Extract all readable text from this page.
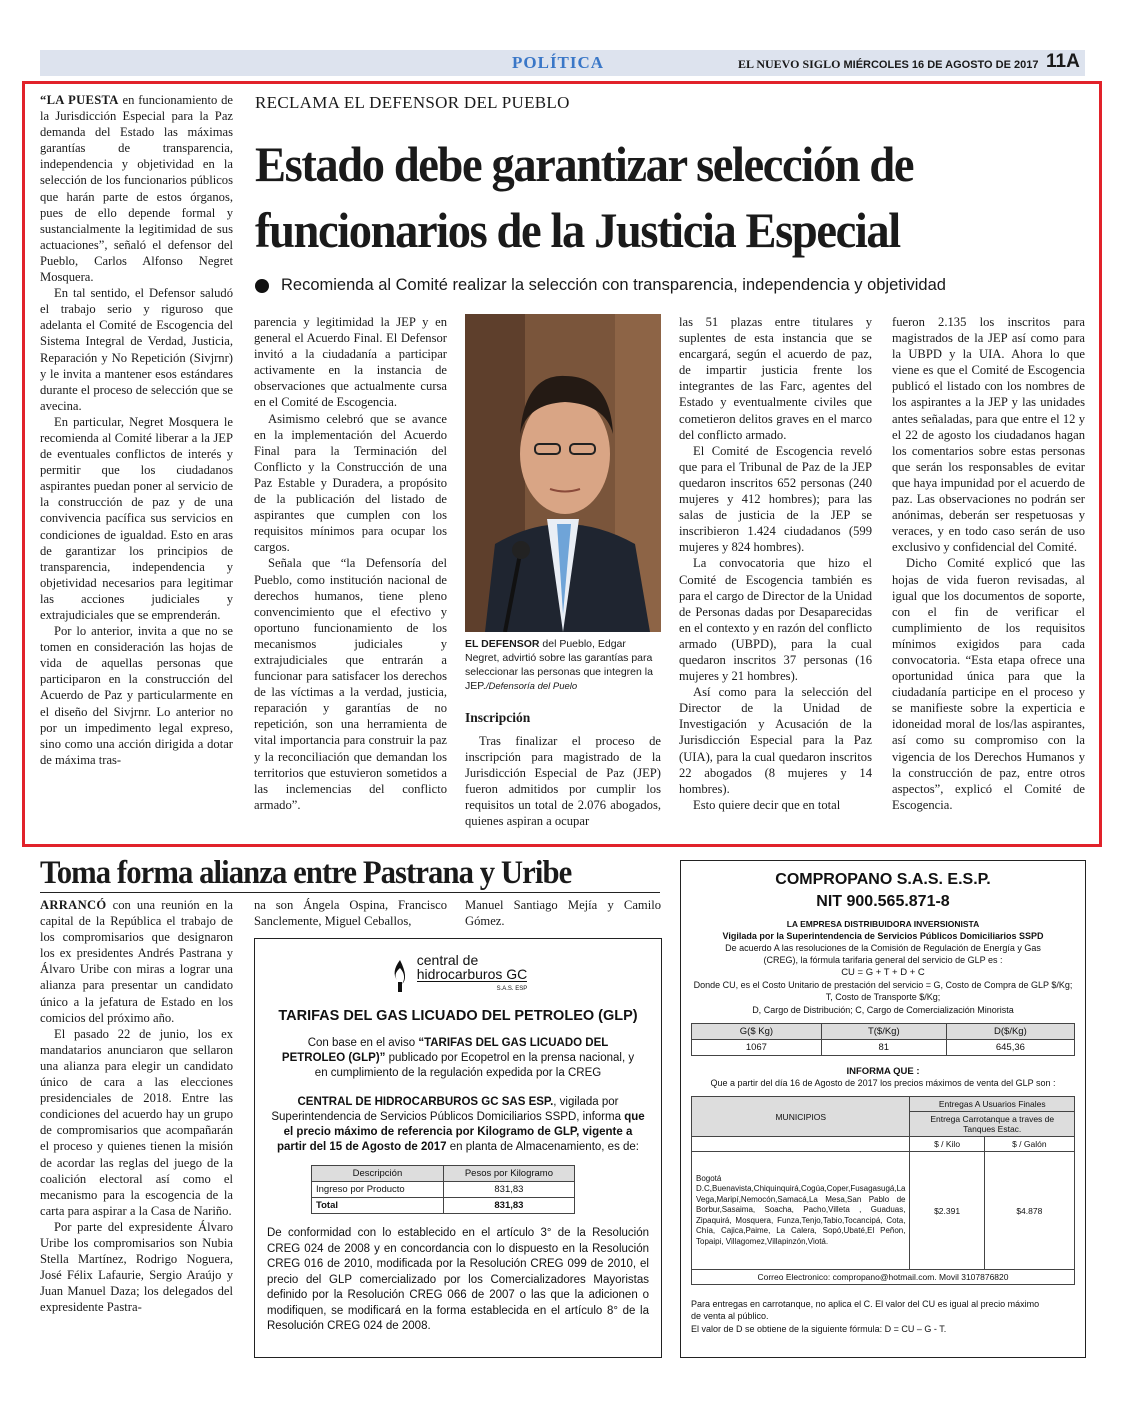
POLÍTICA	EL NUEVO SIGLO MIÉRCOLES 16 DE AGOSTO DE 2017 11A
RECLAMA EL DEFENSOR DEL PUEBLO
Estado debe garantizar selección de
funcionarios de la Justicia Especial
Recomienda al Comité realizar la selección con transparencia, independencia y objetividad

“LA PUESTA en funcionamiento de la Jurisdicción Especial para la Paz demanda del Estado las máximas garantías de transparencia, independencia y objetividad en la selección de los funcionarios públicos que harán parte de estos órganos, pues de ello depende formal y sustancialmente la legitimidad de sus actuaciones”, señaló el defensor del Pueblo, Carlos Alfonso Negret Mosquera.

En tal sentido, el Defensor saludó el trabajo serio y riguroso que adelanta el Comité de Escogencia del Sistema Integral de Verdad, Justicia, Reparación y No Repetición (Sivjrnr) y le invita a mantener esos estándares durante el proceso de selección que se avecina.

En particular, Negret Mosquera le recomienda al Comité liberar a la JEP de eventuales conflictos de interés y permitir que los ciudadanos aspirantes puedan poner al servicio de la construcción de paz y de una convivencia pacífica sus servicios en condiciones de igualdad. Esto en aras de garantizar los principios de transparencia, independencia y objetividad necesarios para legitimar las acciones judiciales y extrajudiciales que se emprenderán.

Por lo anterior, invita a que no se tomen en consideración las hojas de vida de aquellas personas que participaron en la construcción del Acuerdo de Paz y particularmente en el diseño del Sivjrnr. Lo anterior no por un impedimento legal expreso, sino como una acción dirigida a dotar de máxima tras-

parencia y legitimidad la JEP y en general el Acuerdo Final. El Defensor invitó a la ciudadanía a participar activamente en la instancia de observaciones que actualmente cursa en el Comité de Escogencia.

Asimismo celebró que se avance en la implementación del Acuerdo Final para la Terminación del Conflicto y la Construcción de una Paz Estable y Duradera, a propósito de la publicación del listado de aspirantes que cumplen con los requisitos mínimos para ocupar los cargos.

Señala que “la Defensoría del Pueblo, como institución nacional de derechos humanos, tiene pleno convencimiento que el efectivo y oportuno funcionamiento de los mecanismos judiciales y extrajudiciales que entrarán a funcionar para satisfacer los derechos de las víctimas a la verdad, justicia, reparación y garantías de no repetición, son una herramienta de vital importancia para construir la paz y la reconciliación que demandan los territorios que estuvieron sometidos a las inclemencias del conflicto armado”.

EL DEFENSOR del Pueblo, Edgar Negret, advirtió sobre las garantías para seleccionar las personas que integren la JEP./Defensoría del Puelo
Inscripción

Tras finalizar el proceso de inscripción para magistrado de la Jurisdicción Especial de Paz (JEP) fueron admitidos por cumplir los requisitos un total de 2.076 abogados, quienes aspiran a ocupar

las 51 plazas entre titulares y suplentes de esta instancia que se encargará, según el acuerdo de paz, de impartir justicia frente los integrantes de las Farc, agentes del Estado y eventualmente civiles que cometieron delitos graves en el marco del conflicto armado.

El Comité de Escogencia reveló que para el Tribunal de Paz de la JEP quedaron inscritos 652 personas (240 mujeres y 412 hombres); para las salas de justicia de la JEP se inscribieron 1.424 ciudadanos (599 mujeres y 824 hombres).

La convocatoria que hizo el Comité de Escogencia también es para el cargo de Director de la Unidad de Personas dadas por Desaparecidas en el contexto y en razón del conflicto armado (UBPD), para la cual quedaron inscritos 37 personas (16 mujeres y 21 hombres).

Así como para la selección del Director de la Unidad de Investigación y Acusación de la Jurisdicción Especial para la Paz (UIA), para la cual quedaron inscritos 22 abogados (8 mujeres y 14 hombres).

Esto quiere decir que en total

fueron 2.135 los inscritos para magistrados de la JEP así como para la UBPD y la UIA. Ahora lo que viene es que el Comité de Escogencia publicó el listado con los nombres de los aspirantes a la JEP y las unidades antes señaladas, para que entre el 12 y el 22 de agosto los ciudadanos hagan los comentarios sobre estas personas que serán los responsables de evitar que haya impunidad por el acuerdo de paz. Las observaciones no podrán ser anónimas, deberán ser respetuosas y veraces, y en todo caso serán de uso exclusivo y confidencial del Comité.

Dicho Comité explicó que las hojas de vida fueron revisadas, al igual que los documentos de soporte, con el fin de verificar el cumplimiento de los requisitos mínimos exigidos para cada convocatoria. “Esta etapa ofrece una oportunidad única para que la ciudadanía participe en el proceso y se manifieste sobre la experticia e idoneidad moral de los/las aspirantes, así como su compromiso con la vigencia de los Derechos Humanos y la construcción de paz, entre otros aspectos”, explicó el Comité de Escogencia.

Toma forma alianza entre Pastrana y Uribe

ARRANCÓ con una reunión en la capital de la República el trabajo de los compromisarios que designaron los ex presidentes Andrés Pastrana y Álvaro Uribe con miras a lograr una alianza para presentar un candidato único a la jefatura de Estado en los comicios del próximo año.

El pasado 22 de junio, los ex mandatarios anunciaron que sellaron una alianza para elegir un candidato único de cara a las elecciones presidenciales de 2018. Entre las condiciones del acuerdo hay un grupo de compromisarios que acompañarán el proceso y quienes tienen la misión de acordar las reglas del juego de la coalición electoral así como el mecanismo para la escogencia de la carta para aspirar a la Casa de Nariño.

Por parte del expresidente Álvaro Uribe los compromisarios son Nubia Stella Martínez, Rodrigo Noguera, José Félix Lafaurie, Sergio Araújo y Juan Manuel Daza; los delegados del expresidente Pastra-

na son Ángela Ospina, Francisco Sanclemente, Miguel Ceballos,

Manuel Santiago Mejía y Camilo Gómez.

central de
hidrocarburos GC
S.A.S. ESP
TARIFAS DEL GAS LICUADO DEL PETROLEO (GLP)
Con base en el aviso “TARIFAS DEL GAS LICUADO DEL PETROLEO (GLP)” publicado por Ecopetrol en la prensa nacional, y en cumplimiento de la regulación expedida por la CREG
CENTRAL DE HIDROCARBUROS GC SAS ESP., vigilada por Superintendencia de Servicios Públicos Domiciliarios SSPD, informa que el precio máximo de referencia por Kilogramo de GLP, vigente a partir del 15 de Agosto de 2017 en planta de Almacenamiento, es de:
Descripción	Pesos por Kilogramo
Ingreso por Producto	831,83
Total	831,83
De conformidad con lo establecido en el artículo 3° de la Resolución CREG 024 de 2008 y en concordancia con lo dispuesto en la Resolución CREG 016 de 2010, modificada por la Resolución CREG 099 de 2010, el precio del GLP comercializado por los Comercializadores Mayoristas definido por la Resolución CREG 066 de 2007 o las que la adicionen o modifiquen, se modificará en la forma establecida en el artículo 8° de la Resolución CREG 024 de 2008.
COMPROPANO S.A.S. E.S.P.
NIT 900.565.871-8
LA EMPRESA DISTRIBUIDORA INVERSIONISTA
Vigilada por la Superintendencia de Servicios Públicos Domiciliarios SSPD
De acuerdo A las resoluciones de la Comisión de Regulación de Energía y Gas (CREG), la fórmula tarifaria general del servicio de GLP es :
CU = G + T + D + C
Donde CU, es el Costo Unitario de prestación del servicio = G, Costo de Compra de GLP $/Kg; T, Costo de Transporte $/Kg;
D, Cargo de Distribución; C, Cargo de Comercialización Minorista
G($ Kg)	T($/Kg)	D($/Kg)
1067	81	645,36
INFORMA QUE :
Que a partir del día 16 de Agosto de 2017 los precios máximos de venta del GLP son :
MUNICIPIOS	Entregas A Usuarios Finales	
	Entrega Carrotanque a traves de Tanques Estac.	
	$ / Kilo	$ / Galón
Bogotá D.C,Buenavista,Chiquinquirá,Cogúa,Coper,Fusagasugá,La Vega,Maripí,Nemocón,Samacá,La Mesa,San Pablo de Borbur,Sasaima, Soacha, Pacho,Villeta , Guaduas, Zipaquirá, Mosquera, Funza,Tenjo,Tabio,Tocancipá, Cota, Chía, Cajica,Paime, La Calera, Sopó,Ubaté,El Peñon, Topaipi, Villagomez,Villapinzón,Viotá.	$2.391	$4.878
Correo Electronico: compropano@hotmail.com. Movil 3107876820		
Para entregas en carrotanque, no aplica el C. El valor del CU es igual al precio máximo de venta al público.
El valor de D se obtiene de la siguiente fórmula: D = CU – G - T.
